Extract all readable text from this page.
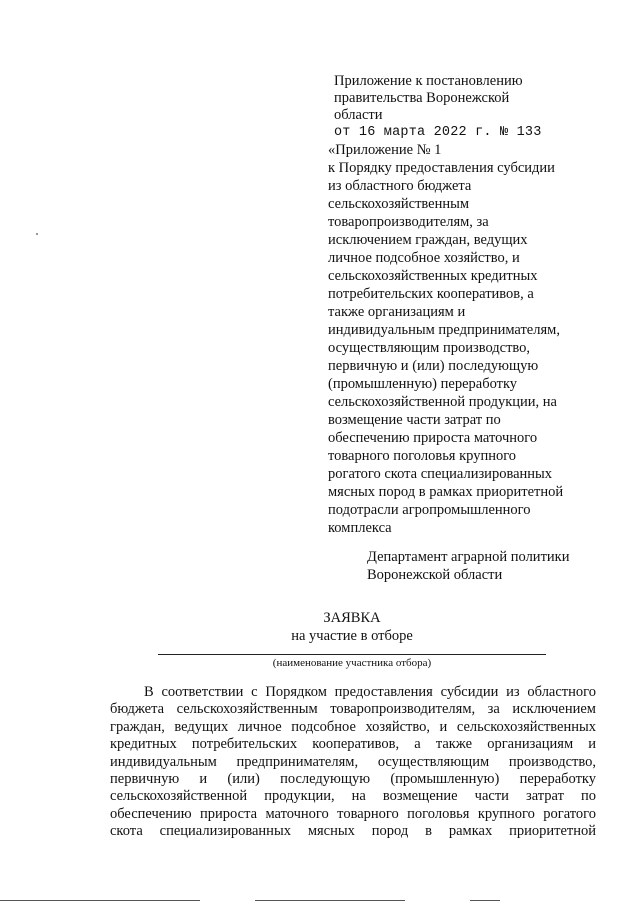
Приложение к постановлению
правительства Воронежской
области
от 16 марта 2022 г. № 133
«Приложение № 1
к Порядку предоставления субсидии
из областного бюджета
сельскохозяйственным
товаропроизводителям, за
исключением граждан, ведущих
личное подсобное хозяйство, и
сельскохозяйственных кредитных
потребительских кооперативов, а
также организациям и
индивидуальным предпринимателям,
осуществляющим производство,
первичную и (или) последующую
(промышленную) переработку
сельскохозяйственной продукции, на
возмещение части затрат по
обеспечению прироста маточного
товарного поголовья крупного
рогатого скота специализированных
мясных пород в рамках приоритетной
подотрасли агропромышленного
комплекса
Департамент аграрной политики
Воронежской области
ЗАЯВКА
на участие в отборе
(наименование участника отбора)
В соответствии с Порядком предоставления субсидии из областного
бюджета сельскохозяйственным товаропроизводителям, за исключением
граждан, ведущих личное подсобное хозяйство, и сельскохозяйственных
кредитных потребительских кооперативов, а также организациям и
индивидуальным предпринимателям, осуществляющим производство,
первичную и (или) последующую (промышленную) переработку
сельскохозяйственной продукции, на возмещение части затрат по
обеспечению прироста маточного товарного поголовья крупного рогатого
скота специализированных мясных пород в рамках приоритетной
